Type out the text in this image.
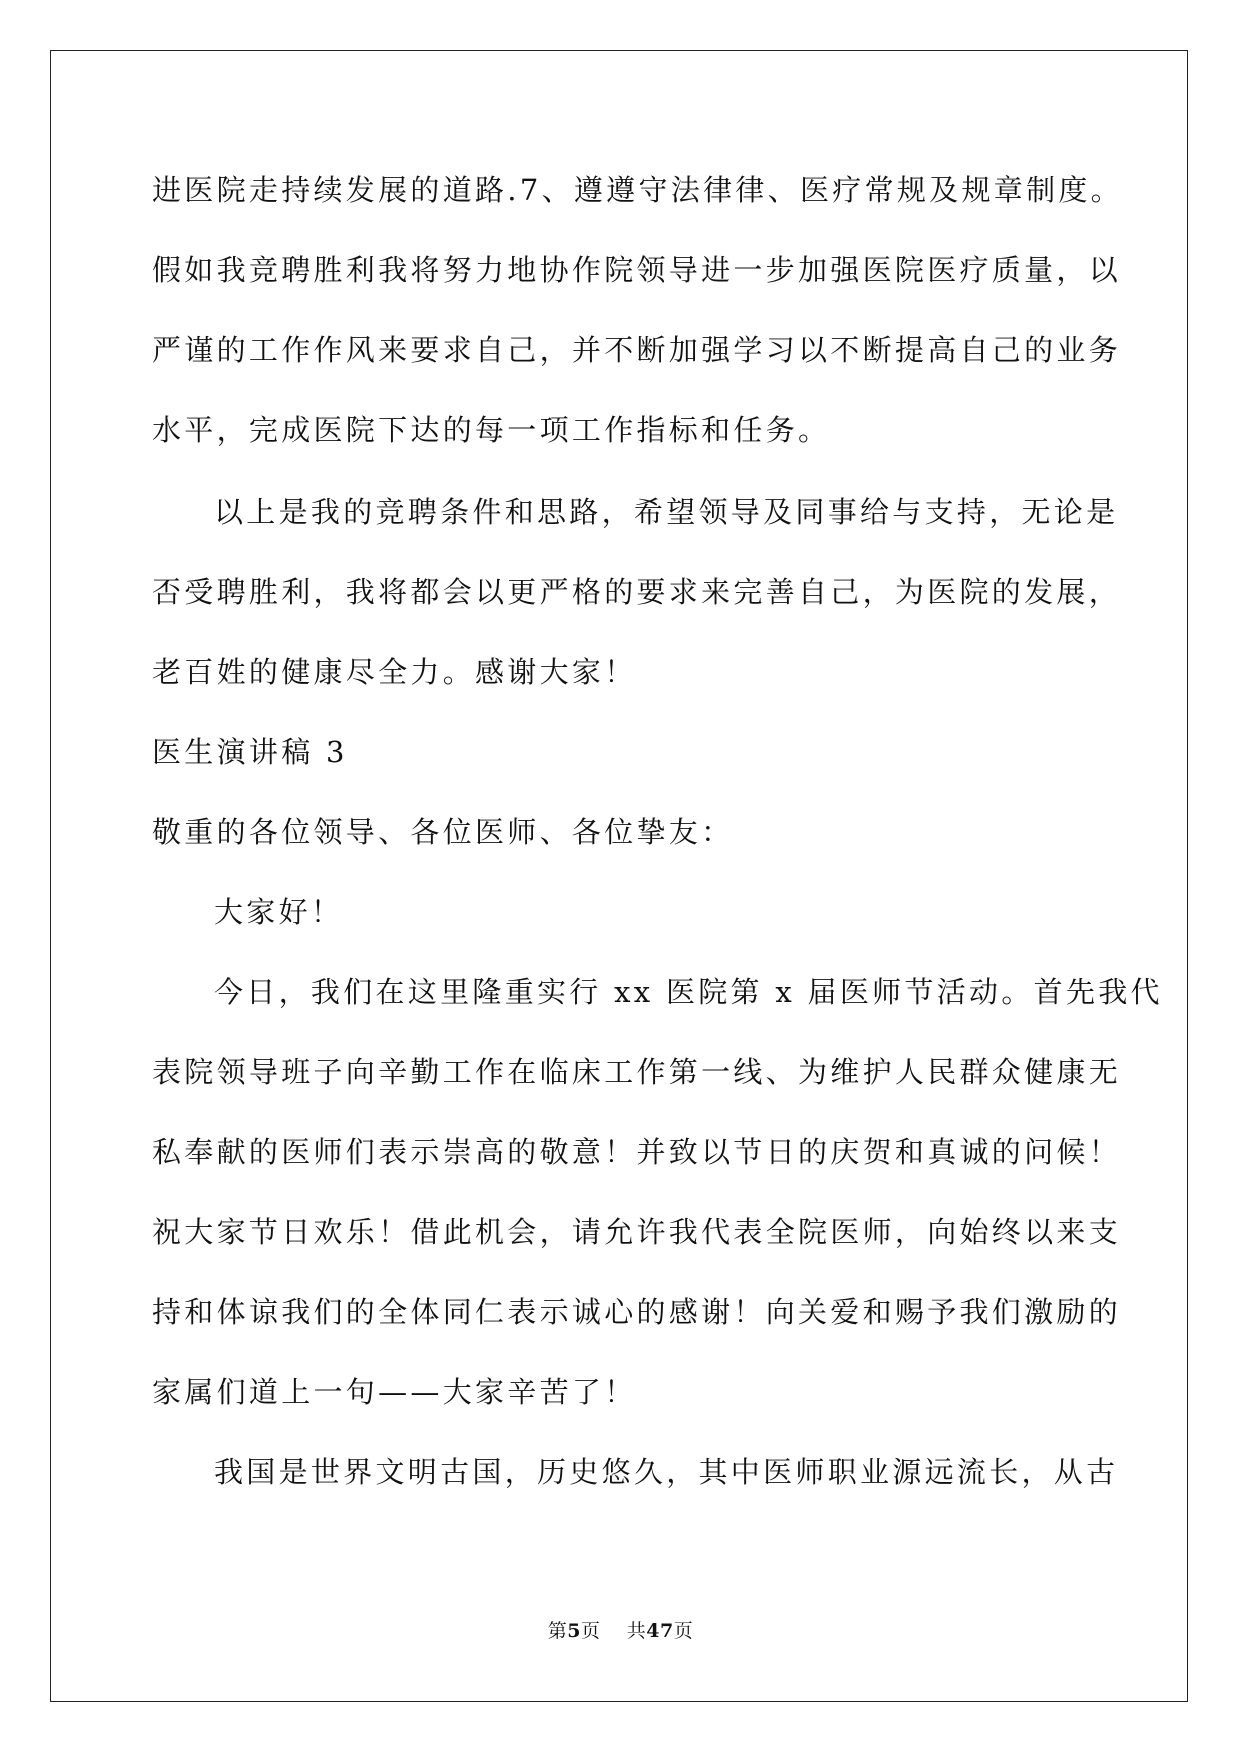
进医院走持续发展的道路.7、遵遵守法律律、医疗常规及规章制度。
假如我竞聘胜利我将努力地协作院领导进一步加强医院医疗质量，以
严谨的工作作风来要求自己，并不断加强学习以不断提高自己的业务
水平，完成医院下达的每一项工作指标和任务。
以上是我的竞聘条件和思路，希望领导及同事给与支持，无论是
否受聘胜利，我将都会以更严格的要求来完善自己，为医院的发展，
老百姓的健康尽全力。感谢大家！
医生演讲稿 3
敬重的各位领导、各位医师、各位挚友：
大家好！
今日，我们在这里隆重实行 xx 医院第 x 届医师节活动。首先我代
表院领导班子向辛勤工作在临床工作第一线、为维护人民群众健康无
私奉献的医师们表示崇高的敬意！并致以节日的庆贺和真诚的问候！
祝大家节日欢乐！借此机会，请允许我代表全院医师，向始终以来支
持和体谅我们的全体同仁表示诚心的感谢！向关爱和赐予我们激励的
家属们道上一句——大家辛苦了！
我国是世界文明古国，历史悠久，其中医师职业源远流长，从古
第5页 共47页
